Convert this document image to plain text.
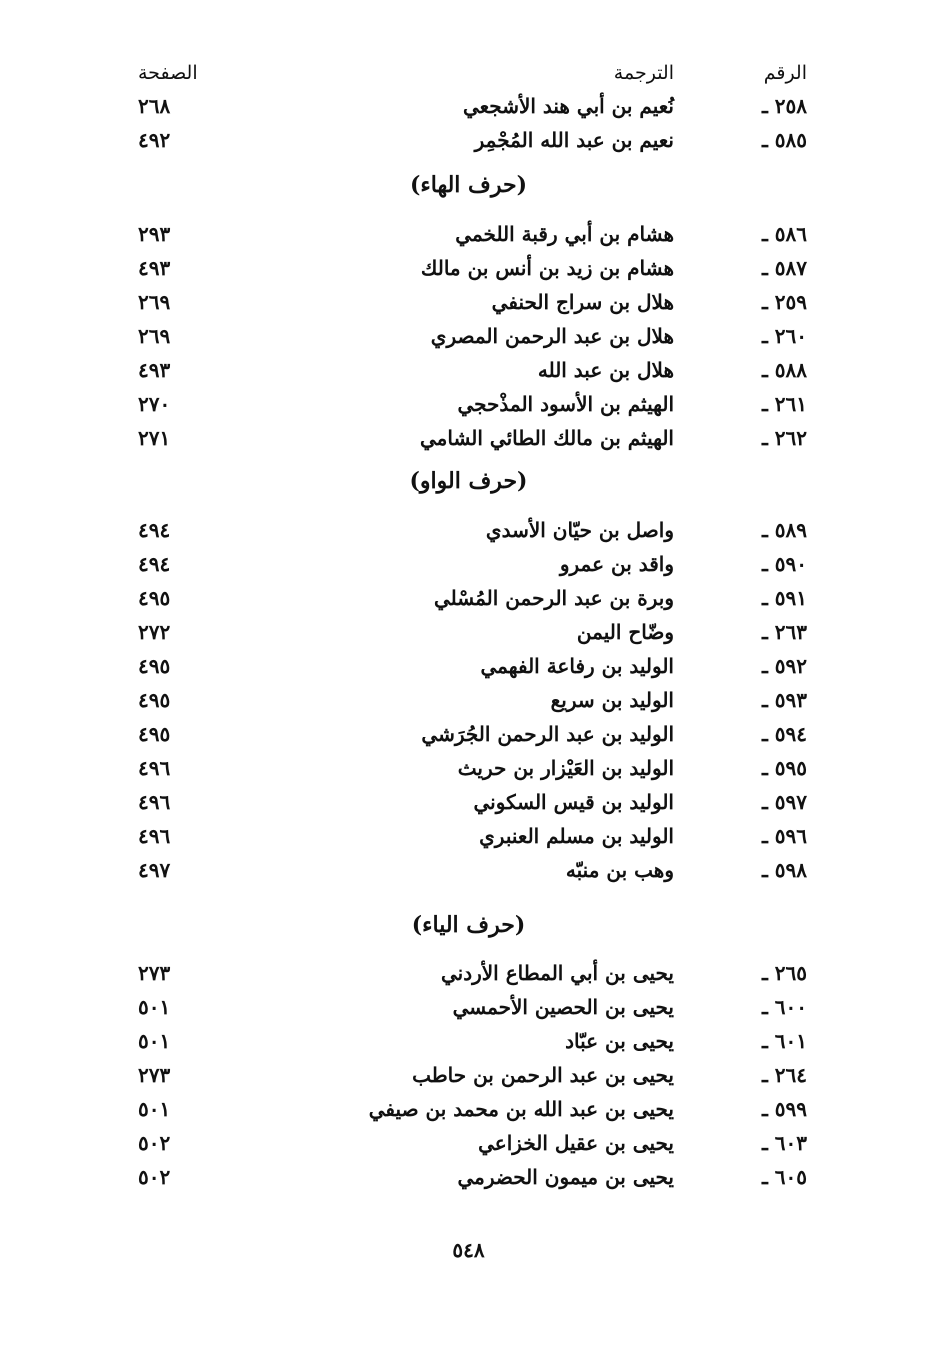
الرقم
الترجمة
الصفحة
٢٥٨ ـ
نُعيم بن أبي هند الأشجعي
٢٦٨
٥٨٥ ـ
نعيم بن عبد الله المُجْمِر
٤٩٢
(حرف الهاء)
٥٨٦ ـ
هشام بن أبي رقبة اللخمي
٢٩٣
٥٨٧ ـ
هشام بن زيد بن أنس بن مالك
٤٩٣
٢٥٩ ـ
هلال بن سراج الحنفي
٢٦٩
٢٦٠ ـ
هلال بن عبد الرحمن المصري
٢٦٩
٥٨٨ ـ
هلال بن عبد الله
٤٩٣
٢٦١ ـ
الهيثم بن الأسود المذْحجي
٢٧٠
٢٦٢ ـ
الهيثم بن مالك الطائي الشامي
٢٧١
(حرف الواو)
٥٨٩ ـ
واصل بن حيّان الأسدي
٤٩٤
٥٩٠ ـ
واقد بن عمرو
٤٩٤
٥٩١ ـ
وبرة بن عبد الرحمن المُسْلي
٤٩٥
٢٦٣ ـ
وضّاح اليمن
٢٧٢
٥٩٢ ـ
الوليد بن رفاعة الفهمي
٤٩٥
٥٩٣ ـ
الوليد بن سريع
٤٩٥
٥٩٤ ـ
الوليد بن عبد الرحمن الجُرَشي
٤٩٥
٥٩٥ ـ
الوليد بن العَيْزار بن حريث
٤٩٦
٥٩٧ ـ
الوليد بن قيس السكوني
٤٩٦
٥٩٦ ـ
الوليد بن مسلم العنبري
٤٩٦
٥٩٨ ـ
وهب بن منبّه
٤٩٧
(حرف الياء)
٢٦٥ ـ
يحيى بن أبي المطاع الأردني
٢٧٣
٦٠٠ ـ
يحيى بن الحصين الأحمسي
٥٠١
٦٠١ ـ
يحيى بن عبّاد
٥٠١
٢٦٤ ـ
يحيى بن عبد الرحمن بن حاطب
٢٧٣
٥٩٩ ـ
يحيى بن عبد الله بن محمد بن صيفي
٥٠١
٦٠٣ ـ
يحيى بن عقيل الخزاعي
٥٠٢
٦٠٥ ـ
يحيى بن ميمون الحضرمي
٥٠٢
٥٤٨
